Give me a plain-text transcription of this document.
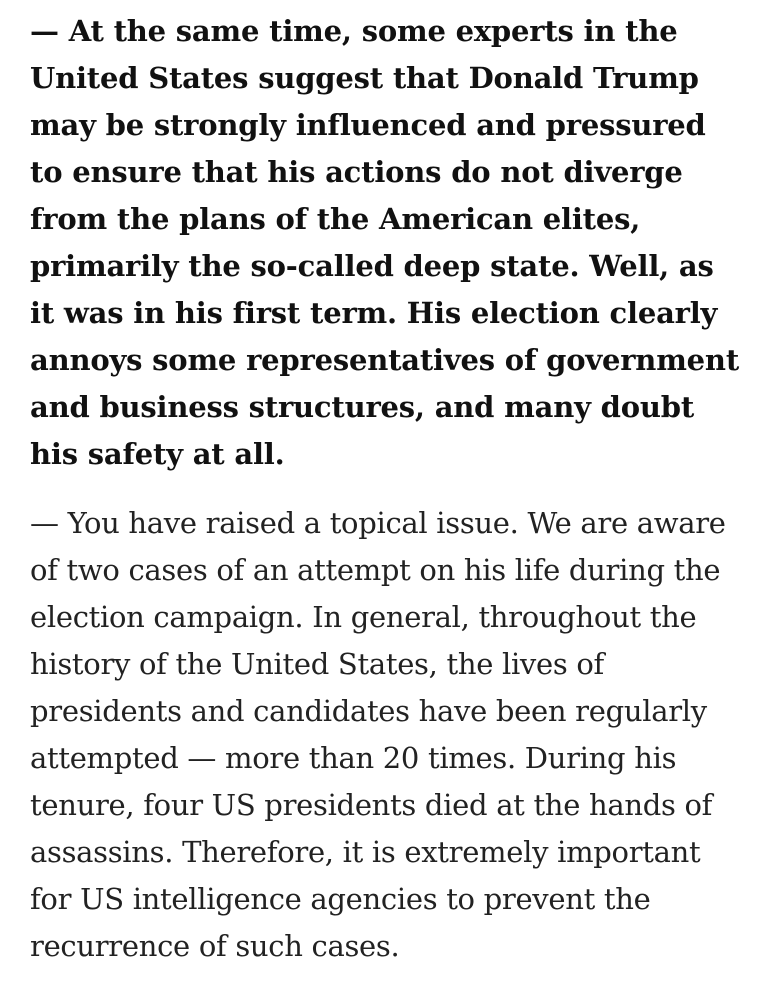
— At the same time, some experts in the United States suggest that Donald Trump may be strongly influenced and pressured to ensure that his actions do not diverge from the plans of the American elites, primarily the so-called deep state. Well, as it was in his first term. His election clearly annoys some representatives of government and business structures, and many doubt his safety at all.

— You have raised a topical issue. We are aware of two cases of an attempt on his life during the election campaign. In general, throughout the history of the United States, the lives of presidents and candidates have been regularly attempted — more than 20 times. During his tenure, four US presidents died at the hands of assassins. Therefore, it is extremely important for US intelligence agencies to prevent the recurrence of such cases.
